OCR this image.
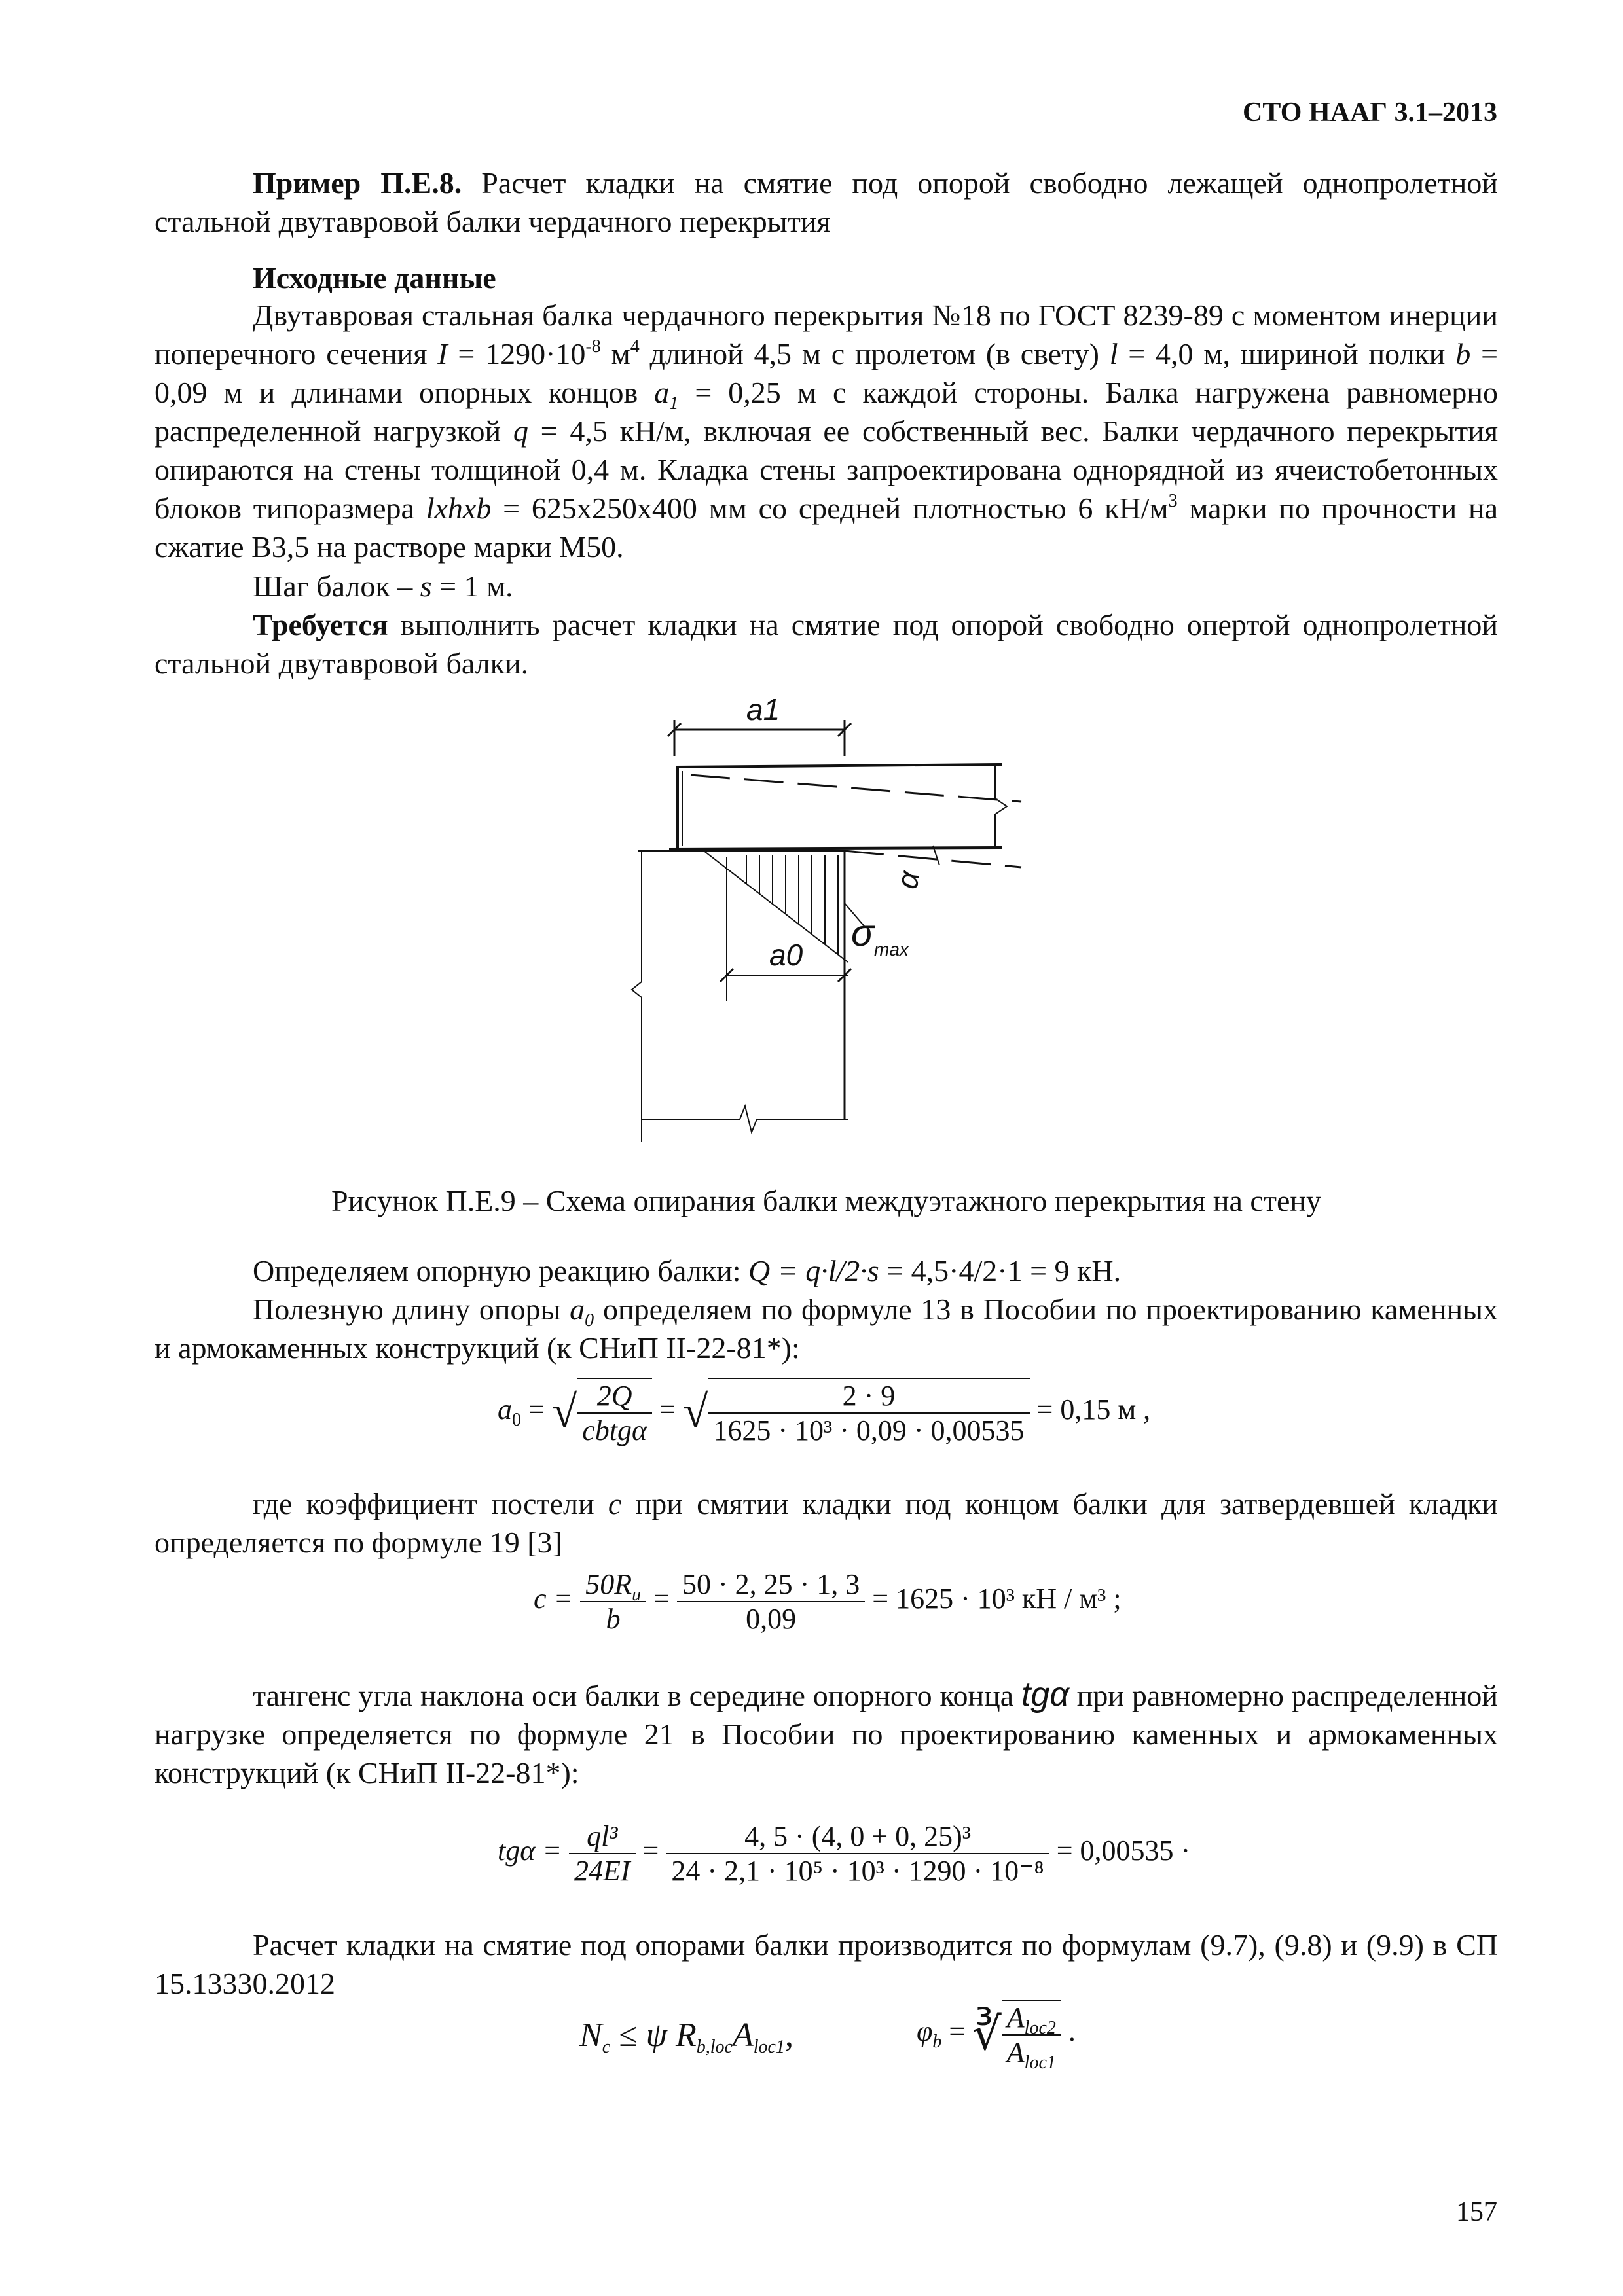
СТО НААГ 3.1–2013
Пример П.Е.8. Расчет кладки на смятие под опорой свободно лежащей однопролетной стальной двутавровой балки чердачного перекрытия
Исходные данные
Двутавровая стальная балка чердачного перекрытия №18 по ГОСТ 8239-89 с моментом инерции поперечного сечения $I = 1290\cdot 10^{-8}$ $м^4$ длиной 4,5 м с пролетом (в свету) l = 4,0 м, шириной полки b = 0,09 м и длинами опорных концов $a_1 = 0,25$ м с каждой стороны. Балка нагружена равномерно распределенной нагрузкой q = 4,5 кН/м, включая ее собственный вес. Балки чердачного перекрытия опираются на стены толщиной 0,4 м. Кладка стены запроектирована однорядной из ячеистобетонных блоков типоразмера lxhxb = 625х250х400 мм со средней плотностью 6 $кН/м^3$ марки по прочности на сжатие В3,5 на растворе марки М50.
Шаг балок – s = 1 м.
Требуется выполнить расчет кладки на смятие под опорой свободно опертой однопролетной стальной двутавровой балки.
a1
a0
α
σ max
Рисунок П.Е.9 – Схема опирания балки междуэтажного перекрытия на стену
Определяем опорную реакцию балки: Q = q·l/2·s = 4,5·4/2·1 = 9 кН.
Полезную длину опоры $a_0$ определяем по формуле 13 в Пособии по проектированию каменных и армокаменных конструкций (к СНиП II-22-81*):
$a_0$ = √ $\frac{2Q}{\text{cbtgα}}$ = √ $\frac{2 \cdot 9}{\text{1625 · 10³ · 0,09 · 0,00535}} = 0,15$ м ,
где коэффициент постели c при смятии кладки под концом балки для затвердевшей кладки определяется по формуле 19 [3]
$c = \frac{50R_u}{b} = \frac{50 \cdot 2, 25 \cdot 1, 3}{0,09} = 1625 \cdot 10^3$ кН / м³ ;
тангенс угла наклона оси балки в середине опорного конца tgα при равномерно распределенной нагрузке определяется по формуле 21 в Пособии по проектированию каменных и армокаменных конструкций (к СНиП II-22-81*):
$tg\alpha = \frac{\text{ql³}}{24EI} = \frac{\text{4, 5 · (4, 0 + 0, 25)³}}{\text{24 · 2,1 · 10⁵ · 10³ · 1290 · 10⁻⁸}} = 0,00535$ ·
Расчет кладки на смятие под опорами балки производится по формулам (9.7), (9.8) и (9.9) в СП 15.13330.2012
$N_c \le \psi$ $R_{b,loc}A_{loc1}$,	$\varphi_b$ = ∛ $\frac{A_{loc2}}{A_{loc1}}$ .
157
